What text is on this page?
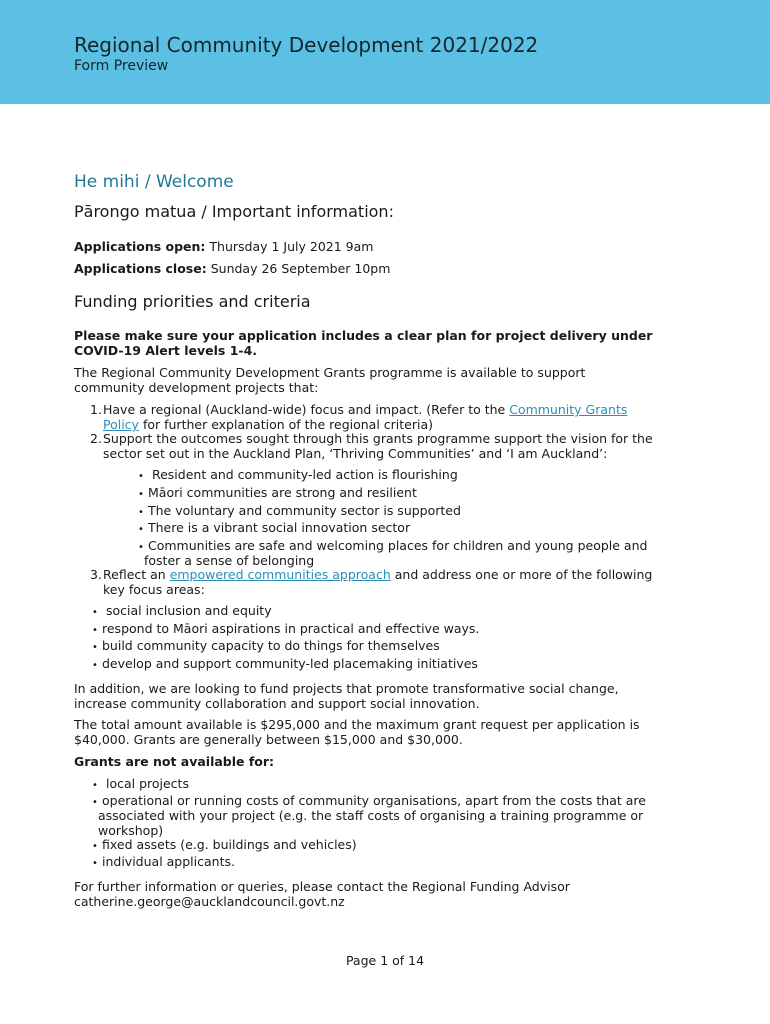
Regional Community Development 2021/2022
Form Preview
He mihi / Welcome
Pārongo matua / Important information:
Applications open: Thursday 1 July 2021 9am
Applications close: Sunday 26 September 10pm
Funding priorities and criteria
Please make sure your application includes a clear plan for project delivery under
COVID-19 Alert levels 1-4.
The Regional Community Development Grants programme is available to support
community development projects that:
1. Have a regional (Auckland-wide) focus and impact. (Refer to the Community Grants
Policy for further explanation of the regional criteria)
2. Support the outcomes sought through this grants programme support the vision for the
sector set out in the Auckland Plan, ‘Thriving Communities’ and ‘I am Auckland’:
• Resident and community-led action is flourishing
• Māori communities are strong and resilient
• The voluntary and community sector is supported
• There is a vibrant social innovation sector
• Communities are safe and welcoming places for children and young people and
foster a sense of belonging
3. Reflect an empowered communities approach and address one or more of the following
key focus areas:
• social inclusion and equity
• respond to Māori aspirations in practical and effective ways.
• build community capacity to do things for themselves
• develop and support community-led placemaking initiatives
In addition, we are looking to fund projects that promote transformative social change,
increase community collaboration and support social innovation.
The total amount available is $295,000 and the maximum grant request per application is
$40,000. Grants are generally between $15,000 and $30,000.
Grants are not available for:
• local projects
• operational or running costs of community organisations, apart from the costs that are
associated with your project (e.g. the staff costs of organising a training programme or
workshop)
• fixed assets (e.g. buildings and vehicles)
• individual applicants.
For further information or queries, please contact the Regional Funding Advisor
catherine.george@aucklandcouncil.govt.nz
Page 1 of 14
